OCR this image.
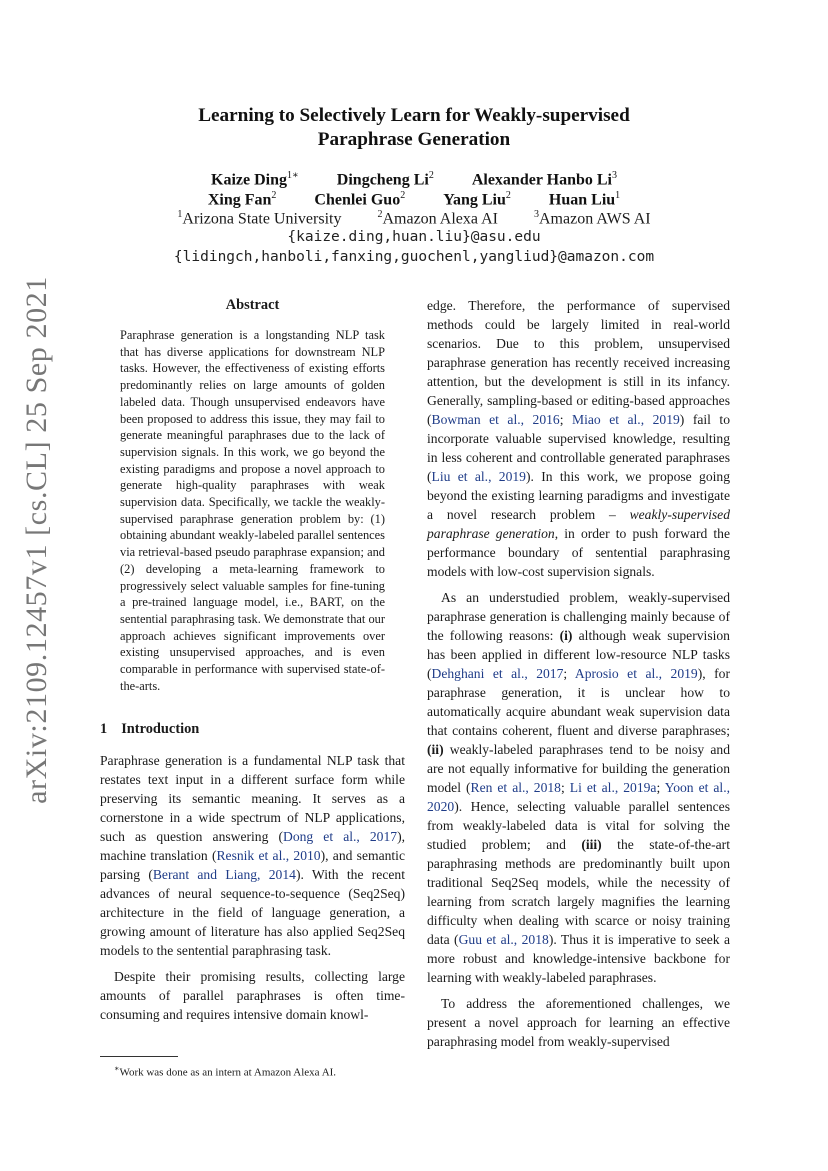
arXiv:2109.12457v1 [cs.CL] 25 Sep 2021
Learning to Selectively Learn for Weakly-supervised
Paraphrase Generation
Kaize Ding$^{1∗}$ Dingcheng Li$^2$ Alexander Hanbo Li$^3$
Xing Fan$^2$ Chenlei Guo$^2$ Yang Liu$^2$ Huan Liu$^1$
$^1$Arizona State University	$^2$Amazon Alexa AI	$^3$Amazon AWS AI
{kaize.ding,huan.liu}@asu.edu
{lidingch,hanboli,fanxing,guochenl,yangliud}@amazon.com
Abstract
Paraphrase generation is a longstanding NLP task that has diverse applications for downstream NLP tasks. However, the effectiveness of existing efforts predominantly relies on large amounts of golden labeled data. Though unsupervised endeavors have been proposed to address this issue, they may fail to generate meaningful paraphrases due to the lack of supervision signals. In this work, we go beyond the existing paradigms and propose a novel approach to generate high-quality paraphrases with weak supervision data. Specifically, we tackle the weakly-supervised paraphrase generation problem by: (1) obtaining abundant weakly-labeled parallel sentences via retrieval-based pseudo paraphrase expansion; and (2) developing a meta-learning framework to progressively select valuable samples for fine-tuning a pre-trained language model, i.e., BART, on the sentential paraphrasing task. We demonstrate that our approach achieves significant improvements over existing unsupervised approaches, and is even comparable in performance with supervised state-of-the-arts.
1 Introduction

Paraphrase generation is a fundamental NLP task that restates text input in a different surface form while preserving its semantic meaning. It serves as a cornerstone in a wide spectrum of NLP applications, such as question answering (Dong et al., 2017), machine translation (Resnik et al., 2010), and semantic parsing (Berant and Liang, 2014). With the recent advances of neural sequence-to-sequence (Seq2Seq) architecture in the field of language generation, a growing amount of literature has also applied Seq2Seq models to the sentential paraphrasing task.

Despite their promising results, collecting large amounts of parallel paraphrases is often time-consuming and requires intensive domain knowl-

∗Work was done as an intern at Amazon Alexa AI.

edge. Therefore, the performance of supervised methods could be largely limited in real-world scenarios. Due to this problem, unsupervised paraphrase generation has recently received increasing attention, but the development is still in its infancy. Generally, sampling-based or editing-based approaches (Bowman et al., 2016; Miao et al., 2019) fail to incorporate valuable supervised knowledge, resulting in less coherent and controllable generated paraphrases (Liu et al., 2019). In this work, we propose going beyond the existing learning paradigms and investigate a novel research problem – weakly-supervised paraphrase generation, in order to push forward the performance boundary of sentential paraphrasing models with low-cost supervision signals.

As an understudied problem, weakly-supervised paraphrase generation is challenging mainly because of the following reasons: (i) although weak supervision has been applied in different low-resource NLP tasks (Dehghani et al., 2017; Aprosio et al., 2019), for paraphrase generation, it is unclear how to automatically acquire abundant weak supervision data that contains coherent, fluent and diverse paraphrases; (ii) weakly-labeled paraphrases tend to be noisy and are not equally informative for building the generation model (Ren et al., 2018; Li et al., 2019a; Yoon et al., 2020). Hence, selecting valuable parallel sentences from weakly-labeled data is vital for solving the studied problem; and (iii) the state-of-the-art paraphrasing methods are predominantly built upon traditional Seq2Seq models, while the necessity of learning from scratch largely magnifies the learning difficulty when dealing with scarce or noisy training data (Guu et al., 2018). Thus it is imperative to seek a more robust and knowledge-intensive backbone for learning with weakly-labeled paraphrases.

To address the aforementioned challenges, we present a novel approach for learning an effective paraphrasing model from weakly-supervised
